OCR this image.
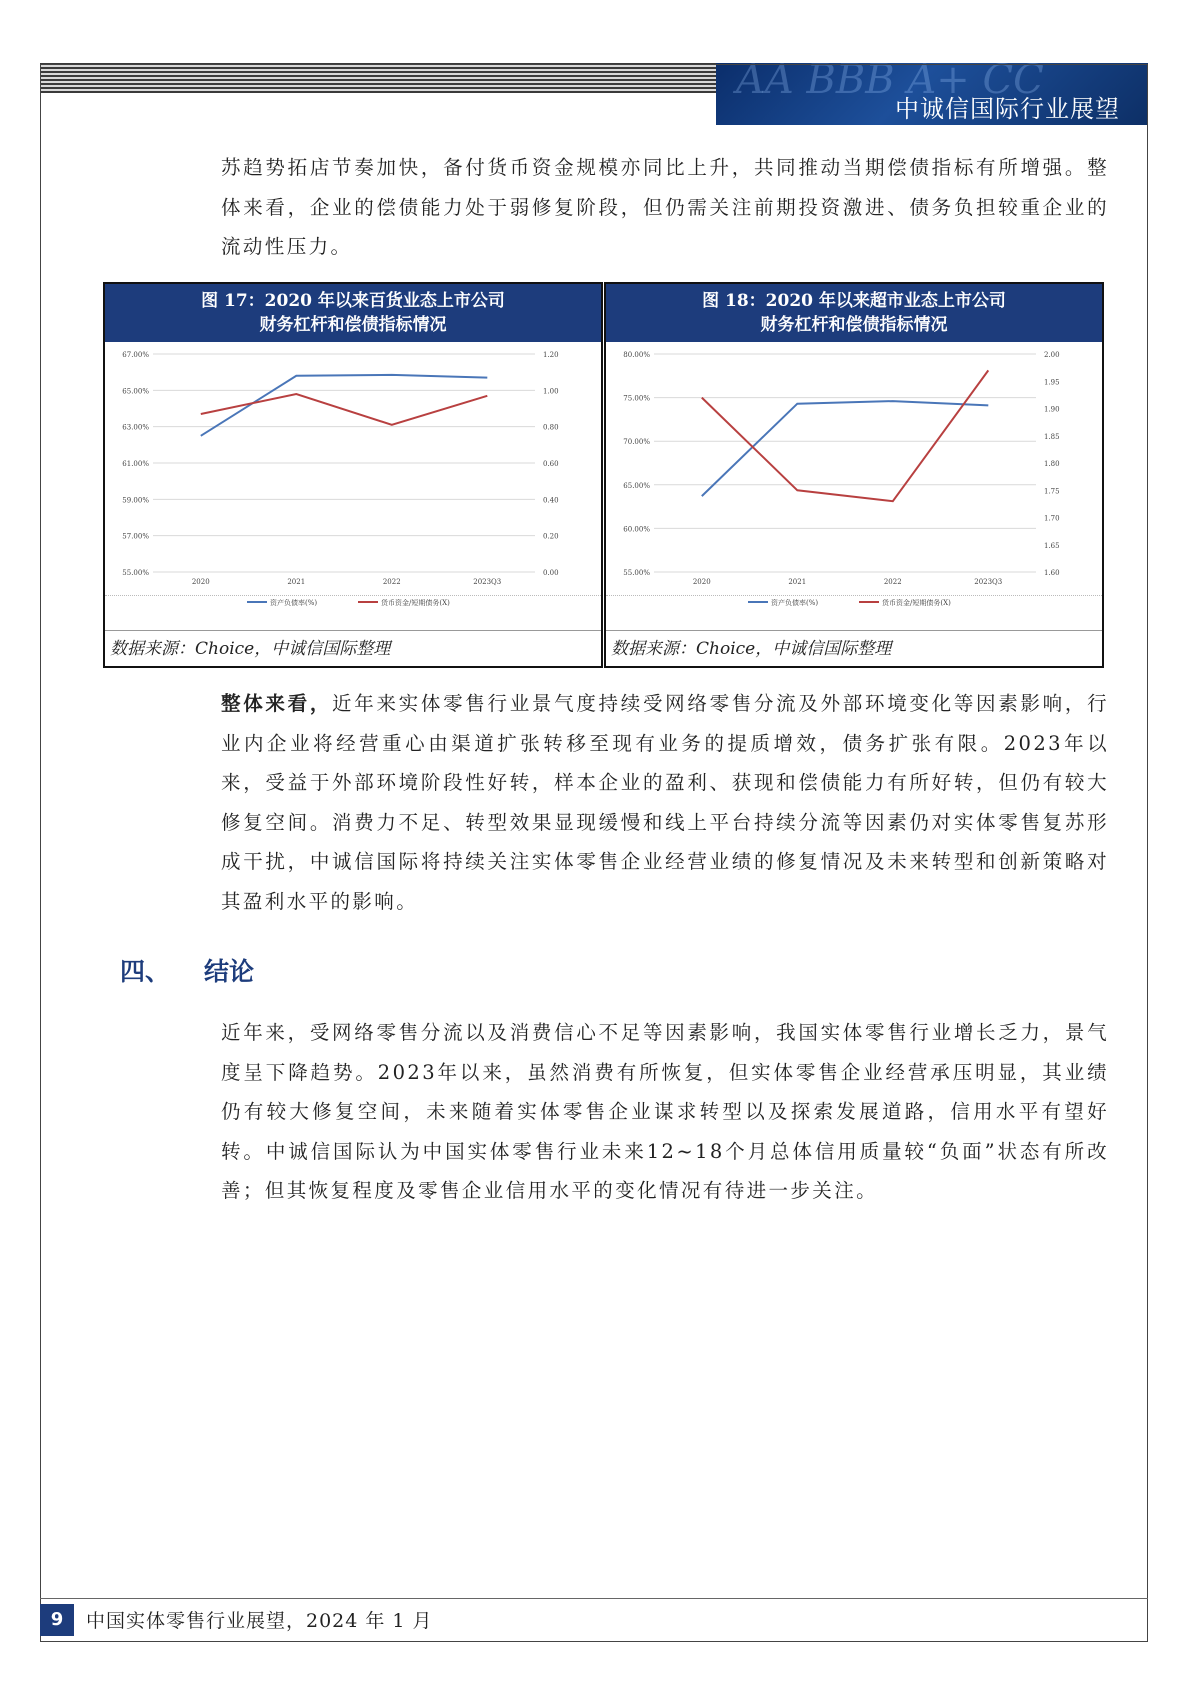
AA BBB A+ CC
中诚信国际行业展望

苏趋势拓店节奏加快，备付货币资金规模亦同比上升，共同推动当期偿债指标有所增强。整体来看，企业的偿债能力处于弱修复阶段，但仍需关注前期投资激进、债务负担较重企业的流动性压力。

图 17：2020 年以来百货业态上市公司
财务杠杆和偿债指标情况
55.00%
57.00%
59.00%
61.00%
63.00%
65.00%
67.00%
0.00
0.20
0.40
0.60
0.80
1.00
1.20
2020	2021	2022	2023Q3
资产负债率(%)	货币资金/短期债务(X)
数据来源：Choice，中诚信国际整理
图 18：2020 年以来超市业态上市公司
财务杠杆和偿债指标情况
55.00%
60.00%
65.00%
70.00%
75.00%
80.00%
1.60
1.65
1.70
1.75
1.80
1.85
1.90
1.95
2.00
2020	2021	2022	2023Q3
资产负债率(%)	货币资金/短期债务(X)
数据来源：Choice，中诚信国际整理

整体来看，近年来实体零售行业景气度持续受网络零售分流及外部环境变化等因素影响，行业内企业将经营重心由渠道扩张转移至现有业务的提质增效，债务扩张有限。2023年以来，受益于外部环境阶段性好转，样本企业的盈利、获现和偿债能力有所好转，但仍有较大修复空间。消费力不足、转型效果显现缓慢和线上平台持续分流等因素仍对实体零售复苏形成干扰，中诚信国际将持续关注实体零售企业经营业绩的修复情况及未来转型和创新策略对其盈利水平的影响。

四、 结论

近年来，受网络零售分流以及消费信心不足等因素影响，我国实体零售行业增长乏力，景气度呈下降趋势。2023年以来，虽然消费有所恢复，但实体零售企业经营承压明显，其业绩仍有较大修复空间，未来随着实体零售企业谋求转型以及探索发展道路，信用水平有望好转。中诚信国际认为中国实体零售行业未来12~18个月总体信用质量较“负面”状态有所改善；但其恢复程度及零售企业信用水平的变化情况有待进一步关注。

9	中国实体零售行业展望，2024 年 1 月
